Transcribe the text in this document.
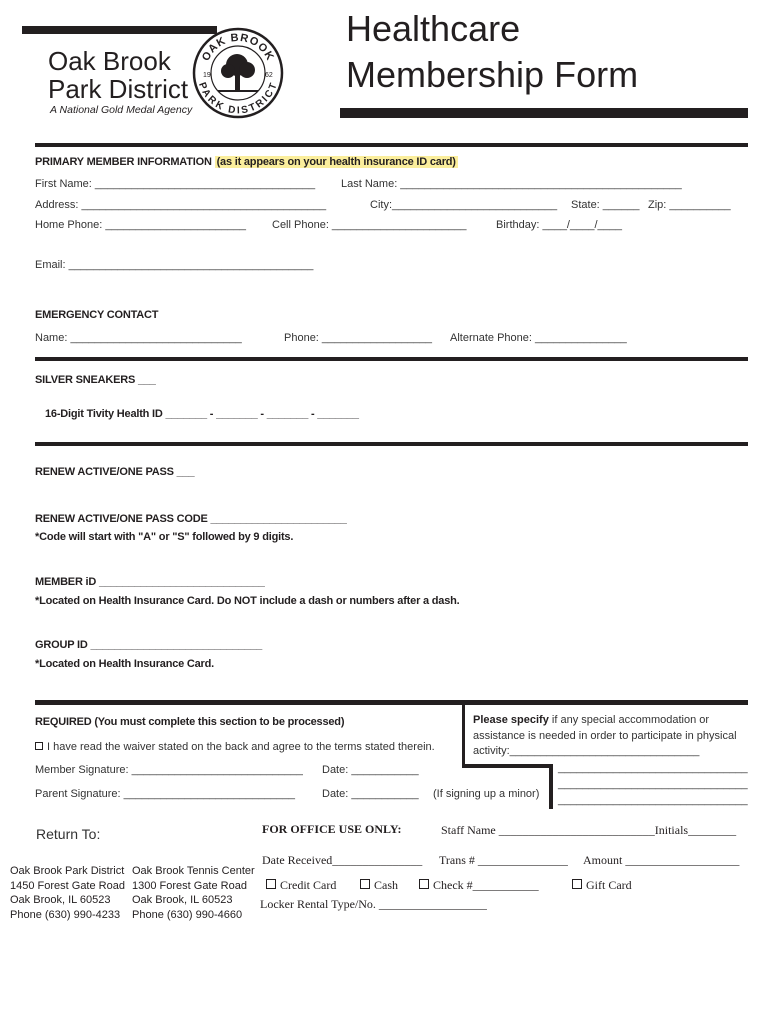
Oak Brook
Park District
A National Gold Medal Agency
OAK BROOK
PARK DISTRICT
19	62
Healthcare
Membership Form
PRIMARY MEMBER INFORMATION (as it appears on your health insurance ID card)
First Name: ____________________________________ Last Name: ______________________________________________
Address: ________________________________________	City:___________________________ State: ______ Zip: __________
Home Phone: _______________________ Cell Phone: ______________________	Birthday: ____/____/____
Email: ________________________________________
EMERGENCY CONTACT
Name: ____________________________	Phone: __________________ Alternate Phone: _______________
SILVER SNEAKERS ___
16-Digit Tivity Health ID _______ - _______ - _______ - _______
RENEW ACTIVE/ONE PASS ___
RENEW ACTIVE/ONE PASS CODE _______________________
*Code will start with "A" or "S" followed by 9 digits.
MEMBER iD ____________________________
*Located on Health Insurance Card. Do NOT include a dash or numbers after a dash.
GROUP ID _____________________________
*Located on Health Insurance Card.
REQUIRED (You must complete this section to be processed)
I have read the waiver stated on the back and agree to the terms stated therein.
Member Signature: ____________________________ Date: ___________
Parent Signature: ____________________________ Date: ___________ (If signing up a minor)
Please specify if any special accommodation or
assistance is needed in order to participate in physical
activity:_______________________________
_______________________________
_______________________________
_______________________________
Return To:
Oak Brook Park District
1450 Forest Gate Road
Oak Brook, IL 60523
Phone (630) 990-4233
Oak Brook Tennis Center
1300 Forest Gate Road
Oak Brook, IL 60523
Phone (630) 990-4660
FOR OFFICE USE ONLY:	Staff Name __________________________Initials________
Date Received_______________ Trans # _______________ Amount ___________________
Credit Card	Cash	Check #___________	Gift Card
Locker Rental Type/No. __________________
